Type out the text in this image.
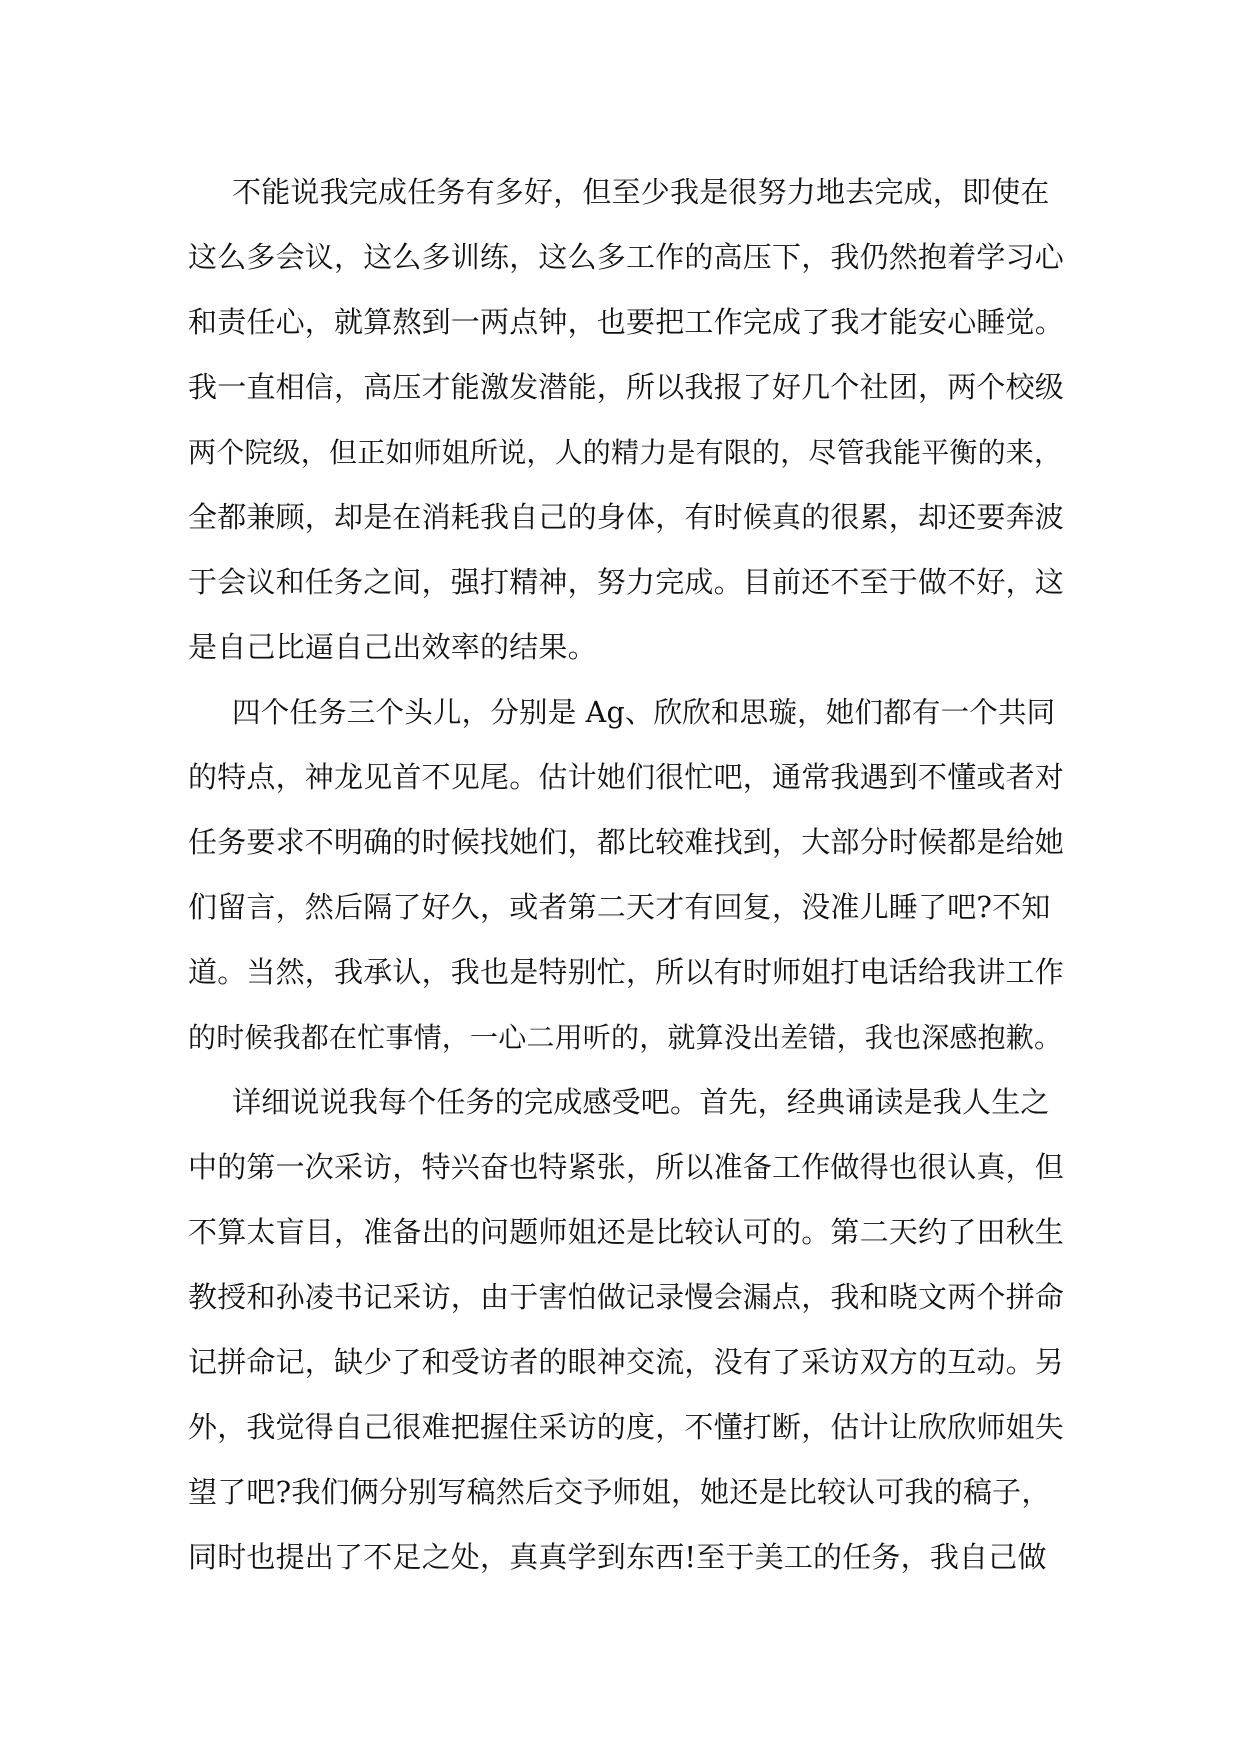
不能说我完成任务有多好，但至少我是很努力地去完成，即使在
这么多会议，这么多训练，这么多工作的高压下，我仍然抱着学习心
和责任心，就算熬到一两点钟，也要把工作完成了我才能安心睡觉。
我一直相信，高压才能激发潜能，所以我报了好几个社团，两个校级
两个院级，但正如师姐所说，人的精力是有限的，尽管我能平衡的来，
全都兼顾，却是在消耗我自己的身体，有时候真的很累，却还要奔波
于会议和任务之间，强打精神，努力完成。目前还不至于做不好，这
是自己比逼自己出效率的结果。
四个任务三个头儿，分别是 Ag、欣欣和思璇，她们都有一个共同
的特点，神龙见首不见尾。估计她们很忙吧，通常我遇到不懂或者对
任务要求不明确的时候找她们，都比较难找到，大部分时候都是给她
们留言，然后隔了好久，或者第二天才有回复，没准儿睡了吧?不知
道。当然，我承认，我也是特别忙，所以有时师姐打电话给我讲工作
的时候我都在忙事情，一心二用听的，就算没出差错，我也深感抱歉。
详细说说我每个任务的完成感受吧。首先，经典诵读是我人生之
中的第一次采访，特兴奋也特紧张，所以准备工作做得也很认真，但
不算太盲目，准备出的问题师姐还是比较认可的。第二天约了田秋生
教授和孙凌书记采访，由于害怕做记录慢会漏点，我和晓文两个拼命
记拼命记，缺少了和受访者的眼神交流，没有了采访双方的互动。另
外，我觉得自己很难把握住采访的度，不懂打断，估计让欣欣师姐失
望了吧?我们俩分别写稿然后交予师姐，她还是比较认可我的稿子，
同时也提出了不足之处，真真学到东西!至于美工的任务，我自己做
